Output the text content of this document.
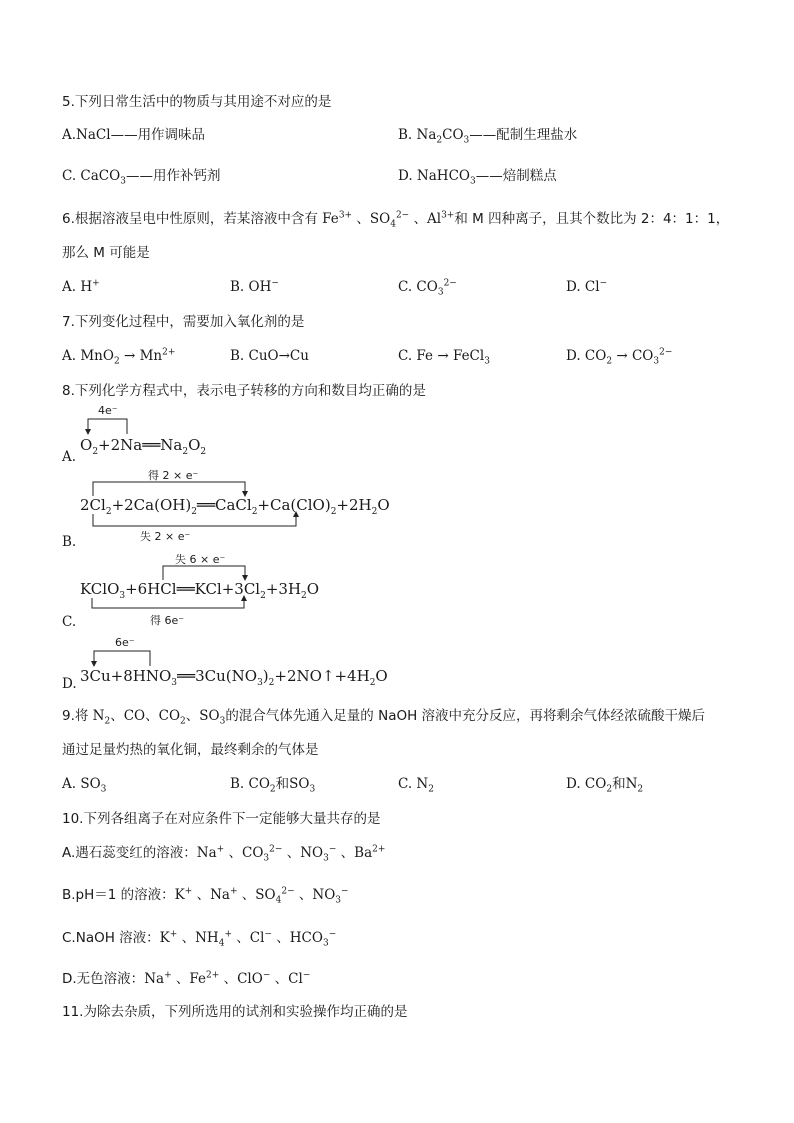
5.下列日常生活中的物质与其用途不对应的是
A.NaCl——用作调味品	B. $Na_2CO_3——$配制生理盐水
C. CaCO$_3$——用作补钙剂	D. NaHCO$_3$——焙制糕点
6.根据溶液呈电中性原则，若某溶液中含有 $Fe^{3+}$ 、$SO_4^{2-}$ 、$Al^{3+}$和 M 四种离子，且其个数比为 2：4：1：1，
那么 M 可能是
A. H+	B. OH−	C. $CO_3^{2-}$	D. Cl−
7.下列变化过程中，需要加入氧化剂的是
A. $MnO_2 \to Mn^{2+}$	B. CuO→Cu	C. Fe → FeCl$_3$	D. $CO_2 \to CO_3^{2-}$
8.下列化学方程式中，表示电子转移的方向和数目均正确的是
4e⁻
$O_2+2Na══Na_2O_2$
A.
得 2 × e⁻
$2Cl_2+2Ca(OH)_2══CaCl_2+Ca(ClO)_2+2H_2O$
失 2 × e⁻
B.
失 6 × e⁻
$KClO_3+6HCl══KCl+3Cl_2+3H_2O$
得 6e⁻
C.
6e⁻
$3Cu+8HNO_3══3Cu(NO_3)_2+2NO↑+4H_2O$
D.
9.将 $N_2$、CO、$CO_2$、$SO_3$的混合气体先通入足量的 NaOH 溶液中充分反应，再将剩余气体经浓硫酸干燥后
通过足量灼热的氧化铜，最终剩余的气体是
A. $SO_3$	B. $CO_2$和$SO_3$	C. $N_2$	D. $CO_2$和$N_2$
10.下列各组离子在对应条件下一定能够大量共存的是
A.遇石蕊变红的溶液：Na+ 、$CO_3^{2-}$ 、$NO_3^-$ 、$Ba^{2+}$
B.pH＝1 的溶液：K+ 、Na+ 、$SO_4^{2-}$ 、$NO_3^-$
C.NaOH 溶液：K+ 、$NH_4^+$ 、Cl− 、$HCO_3^-$
D.无色溶液：Na+ 、$Fe^{2+}$ 、ClO− 、Cl−
11.为除去杂质，下列所选用的试剂和实验操作均正确的是
